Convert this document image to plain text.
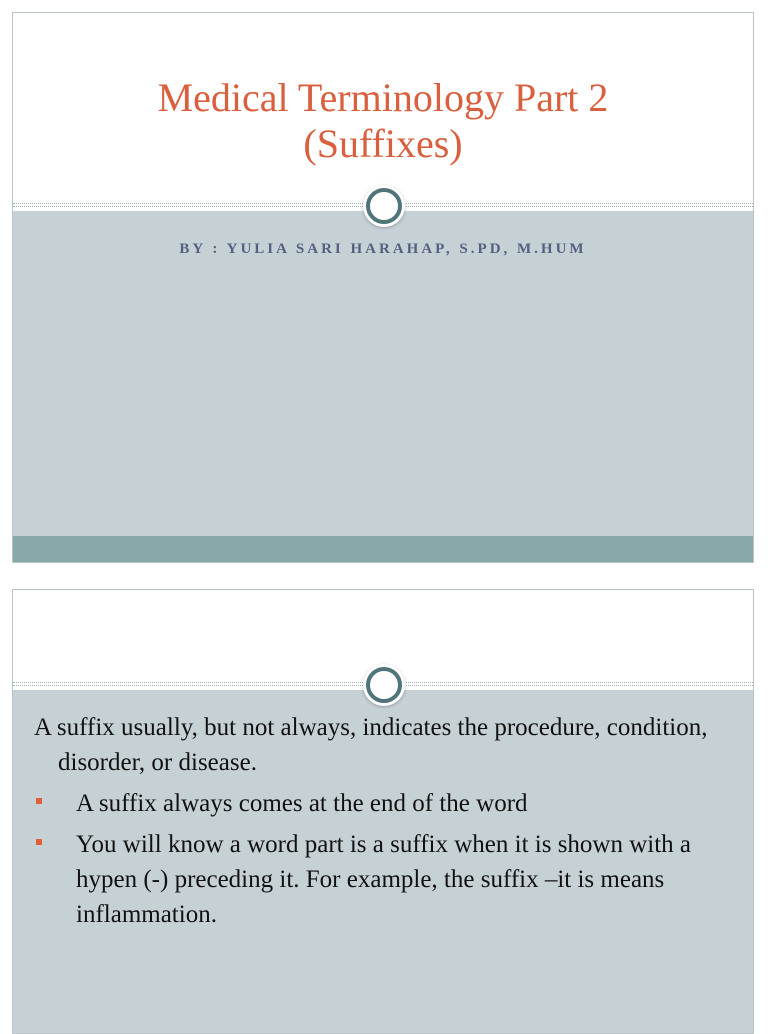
Medical Terminology Part 2
(Suffixes)
BY : YULIA SARI HARAHAP, S.PD, M.HUM

A suffix usually, but not always, indicates the procedure, condition, disorder, or disease.

A suffix always comes at the end of the word
You will know a word part is a suffix when it is shown with a hypen (-) preceding it. For example, the suffix –it is means inflammation.
